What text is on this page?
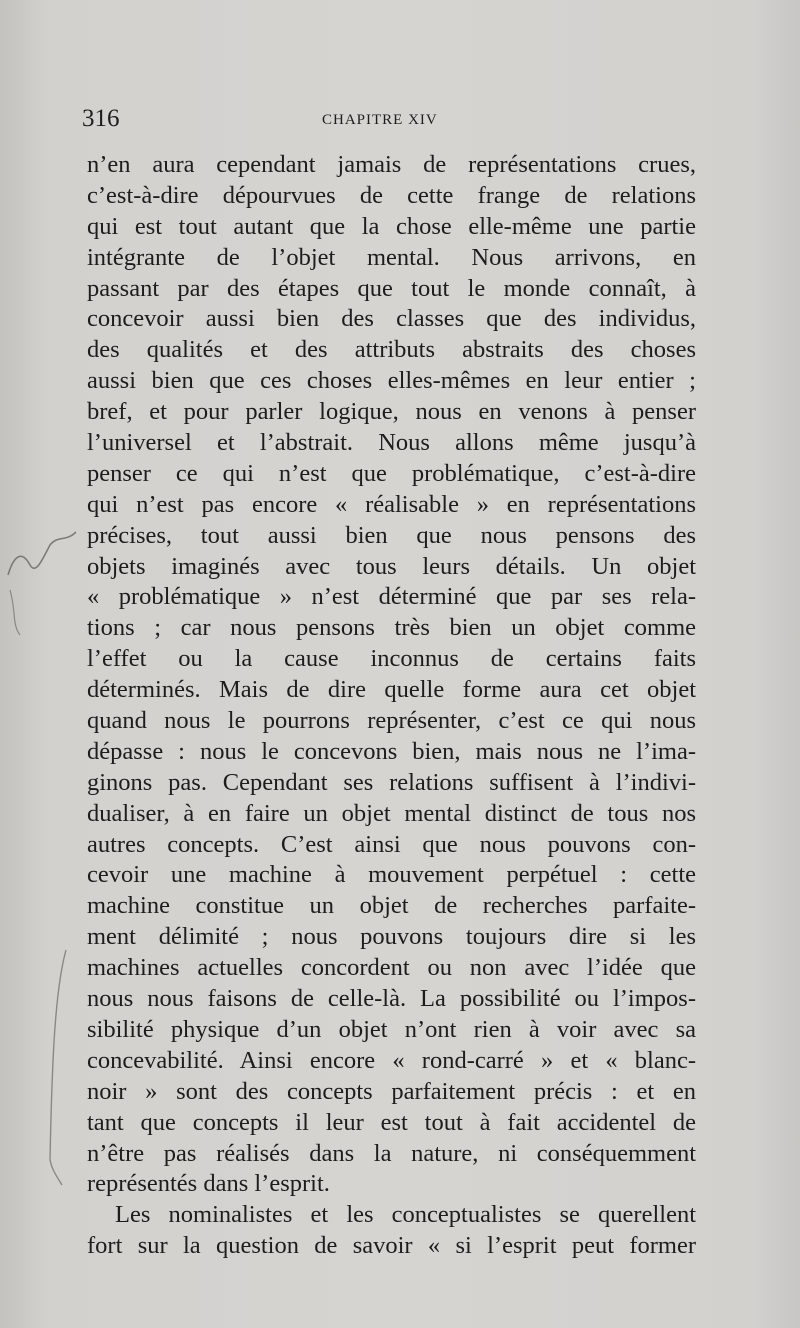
316	CHAPITRE XIV
n’en aura cependant jamais de représentations crues,
c’est-à-dire dépourvues de cette frange de relations
qui est tout autant que la chose elle-même une partie
intégrante de l’objet mental. Nous arrivons, en
passant par des étapes que tout le monde connaît, à
concevoir aussi bien des classes que des individus,
des qualités et des attributs abstraits des choses
aussi bien que ces choses elles-mêmes en leur entier ;
bref, et pour parler logique, nous en venons à penser
l’universel et l’abstrait. Nous allons même jusqu’à
penser ce qui n’est que problématique, c’est-à-dire
qui n’est pas encore « réalisable » en représentations
précises, tout aussi bien que nous pensons des
objets imaginés avec tous leurs détails. Un objet
« problématique » n’est déterminé que par ses rela-
tions ; car nous pensons très bien un objet comme
l’effet ou la cause inconnus de certains faits
déterminés. Mais de dire quelle forme aura cet objet
quand nous le pourrons représenter, c’est ce qui nous
dépasse : nous le concevons bien, mais nous ne l’ima-
ginons pas. Cependant ses relations suffisent à l’indivi-
dualiser, à en faire un objet mental distinct de tous nos
autres concepts. C’est ainsi que nous pouvons con-
cevoir une machine à mouvement perpétuel : cette
machine constitue un objet de recherches parfaite-
ment délimité ; nous pouvons toujours dire si les
machines actuelles concordent ou non avec l’idée que
nous nous faisons de celle-là. La possibilité ou l’impos-
sibilité physique d’un objet n’ont rien à voir avec sa
concevabilité. Ainsi encore « rond-carré » et « blanc-
noir » sont des concepts parfaitement précis : et en
tant que concepts il leur est tout à fait accidentel de
n’être pas réalisés dans la nature, ni conséquemment
représentés dans l’esprit.
Les nominalistes et les conceptualistes se querellent
fort sur la question de savoir « si l’esprit peut former
